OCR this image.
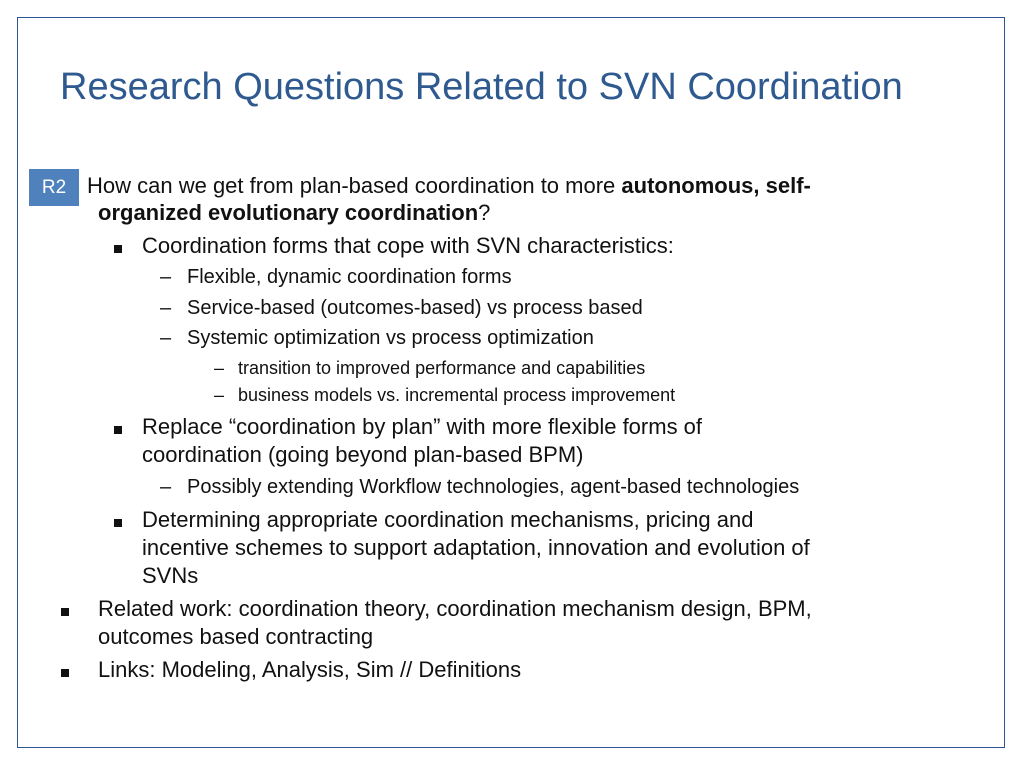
Research Questions Related to SVN Coordination
R2 How can we get from plan-based coordination to more autonomous, self-
organized evolutionary coordination?
Coordination forms that cope with SVN characteristics:
– Flexible, dynamic coordination forms
– Service-based (outcomes-based) vs process based
– Systemic optimization vs process optimization
– transition to improved performance and capabilities
– business models vs. incremental process improvement
Replace “coordination by plan” with more flexible forms of
coordination (going beyond plan-based BPM)
– Possibly extending Workflow technologies, agent-based technologies
Determining appropriate coordination mechanisms, pricing and
incentive schemes to support adaptation, innovation and evolution of
SVNs
Related work: coordination theory, coordination mechanism design, BPM,
outcomes based contracting
Links: Modeling, Analysis, Sim // Definitions
